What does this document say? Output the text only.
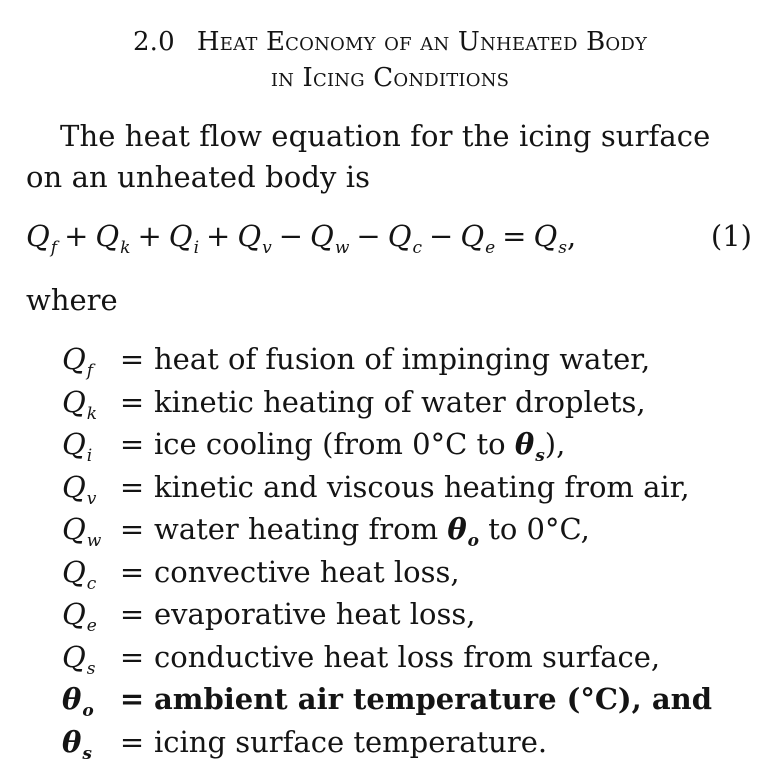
2.0 Heat Economy of an Unheated Body
in Icing Conditions
The heat flow equation for the icing surface on an unheated body is
$Q_f + Q_k + Q_i + Q_v - Q_w - Q_c - Q_e = Q_s$,	(1)
where
$Q_f$ = heat of fusion of impinging water,
$Q_k$ = kinetic heating of water droplets,
$Q_i$ = ice cooling (from 0°C to $\theta_s$),
$Q_v$ = kinetic and viscous heating from air,
$Q_w$ = water heating from $\theta_o$ to 0°C,
$Q_c$ = convective heat loss,
$Q_e$ = evaporative heat loss,
$Q_s$ = conductive heat loss from surface,
$\theta_o$ = ambient air temperature (°C), and
$\theta_s$ = icing surface temperature.
